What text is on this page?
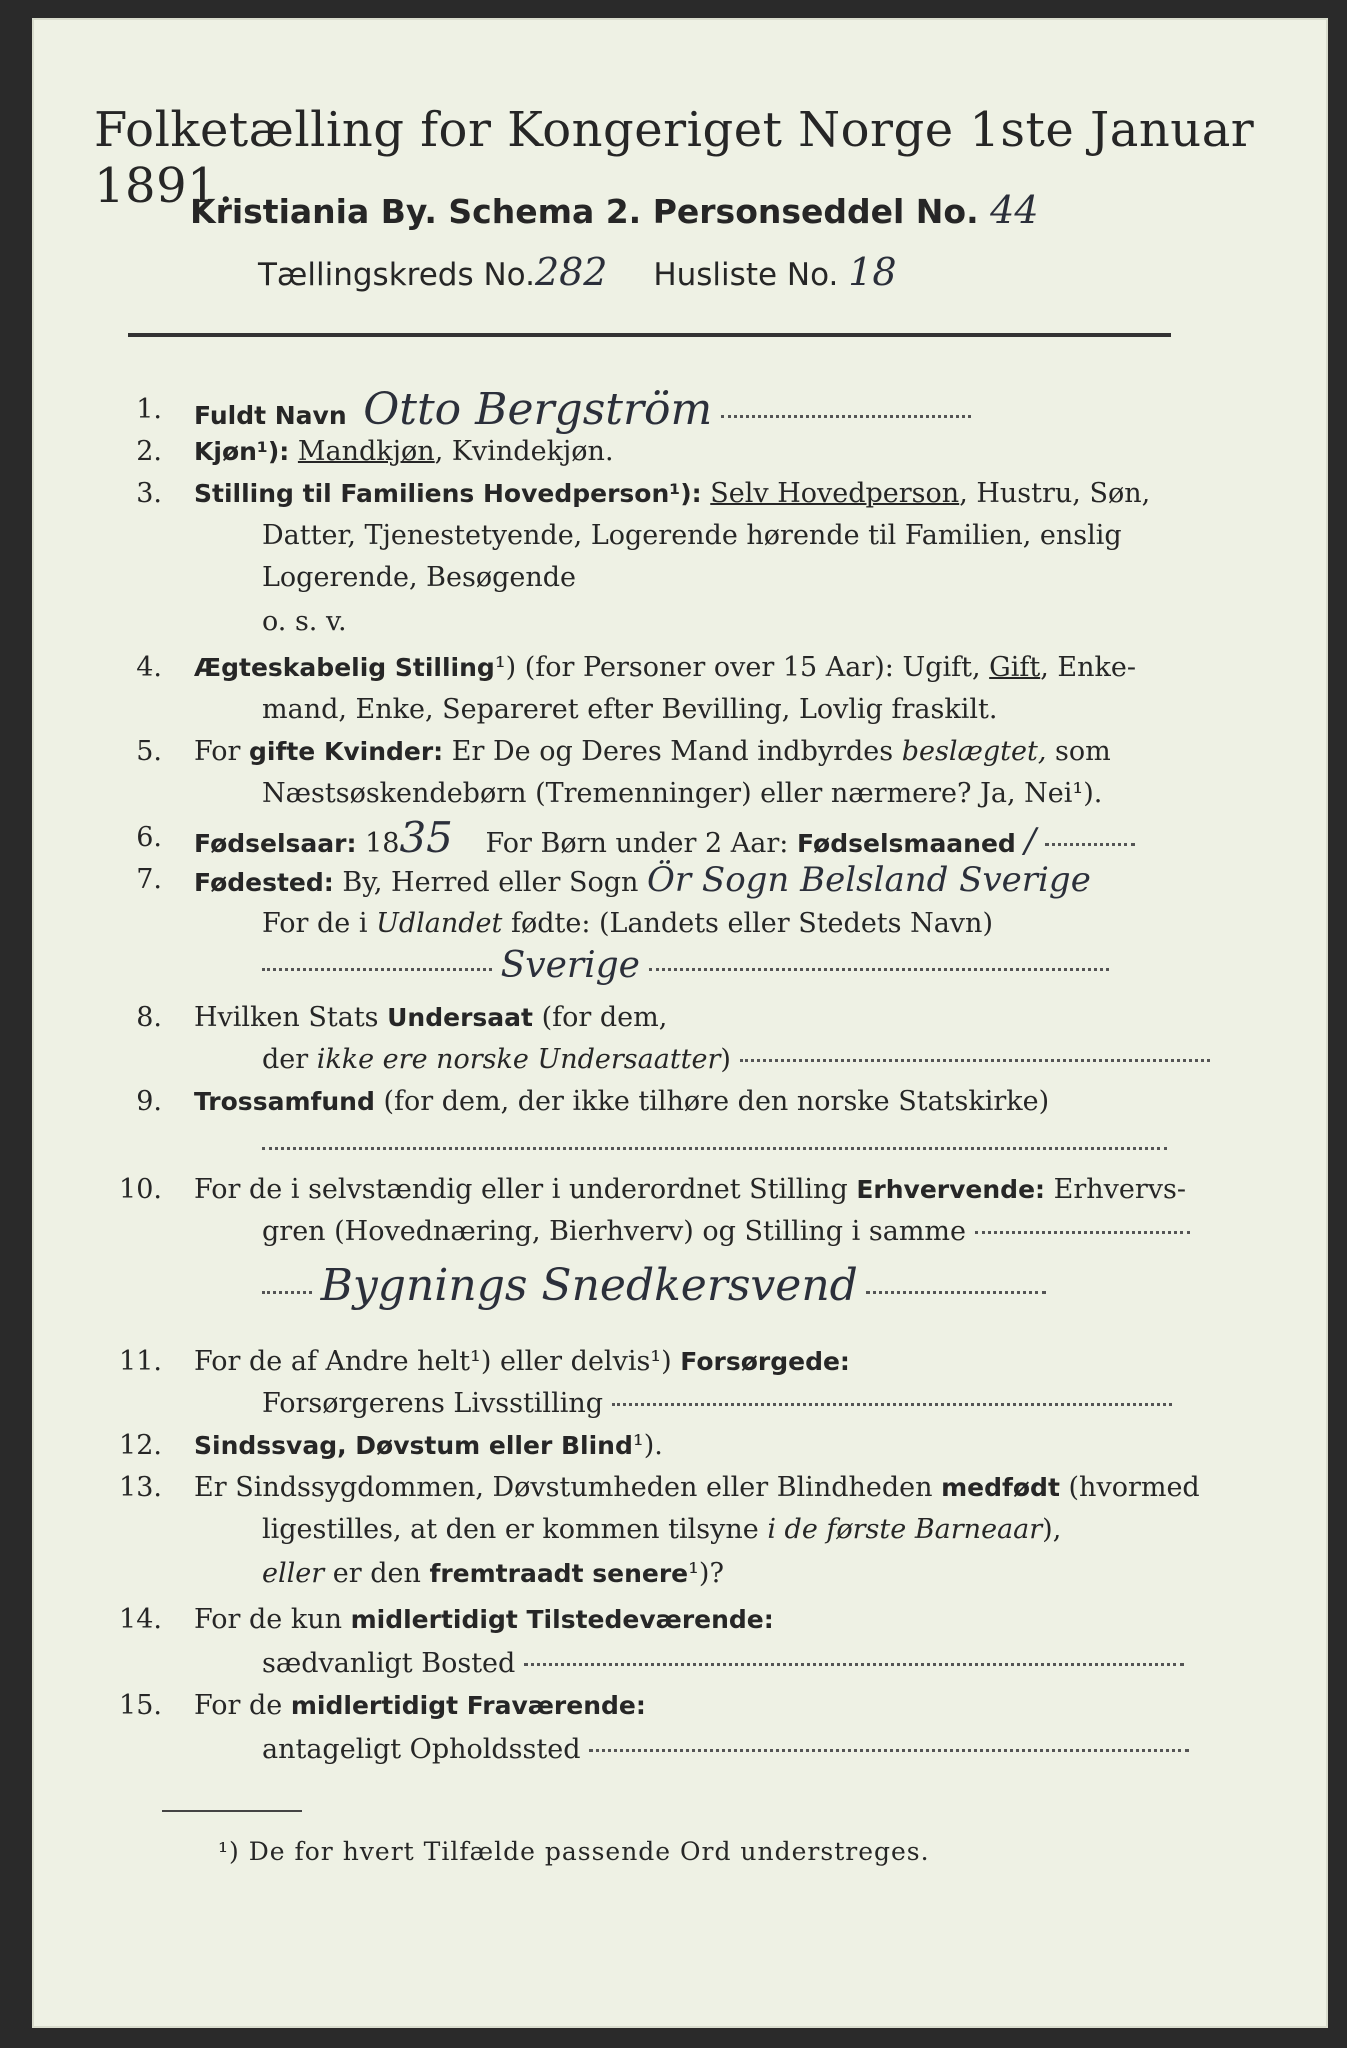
Folketælling for Kongeriget Norge 1ste Januar 1891.
Kristiania By. Schema 2. Personseddel No. 44
Tællingskreds No.282 Husliste No. 18
1. Fuldt Navn Otto Bergström
2. Kjøn¹): Mandkjøn, Kvindekjøn.
3. Stilling til Familiens Hovedperson¹): Selv Hovedperson, Hustru, Søn,
Datter, Tjenestetyende, Logerende hørende til Familien, enslig
Logerende, Besøgende
o. s. v.
4. Ægteskabelig Stilling¹) (for Personer over 15 Aar): Ugift, Gift, Enke-
mand, Enke, Separeret efter Bevilling, Lovlig fraskilt.
5. For gifte Kvinder: Er De og Deres Mand indbyrdes beslægtet, som
Næstsøskendebørn (Tremenninger) eller nærmere? Ja, Nei¹).
6. Fødselsaar: 1835 For Børn under 2 Aar: Fødselsmaaned /
7. Fødested: By, Herred eller Sogn Ör Sogn Belsland Sverige
For de i Udlandet fødte: (Landets eller Stedets Navn)
Sverige
8. Hvilken Stats Undersaat (for dem,
der ikke ere norske Undersaatter)
9. Trossamfund (for dem, der ikke tilhøre den norske Statskirke)
10. For de i selvstændig eller i underordnet Stilling Erhvervende: Erhvervs-
gren (Hovednæring, Bierhverv) og Stilling i samme
Bygnings Snedkersvend
11. For de af Andre helt¹) eller delvis¹) Forsørgede:
Forsørgerens Livsstilling
12. Sindssvag, Døvstum eller Blind¹).
13. Er Sindssygdommen, Døvstumheden eller Blindheden medfødt (hvormed
ligestilles, at den er kommen tilsyne i de første Barneaar),
eller er den fremtraadt senere¹)?
14. For de kun midlertidigt Tilstedeværende:
sædvanligt Bosted
15. For de midlertidigt Fraværende:
antageligt Opholdssted
¹) De for hvert Tilfælde passende Ord understreges.
